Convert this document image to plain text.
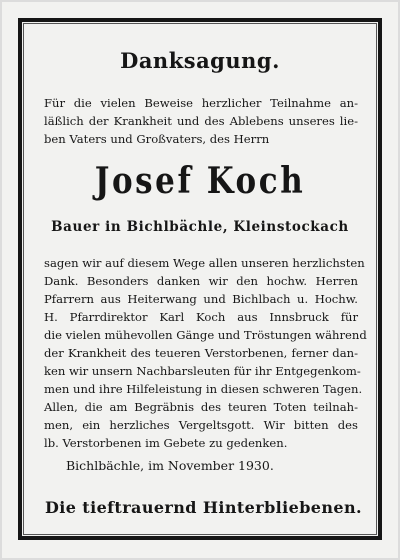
Danksagung.
Für die vielen Beweise herzlicher Teilnahme an-
läßlich der Krankheit und des Ablebens unseres lie-
ben Vaters und Großvaters, des Herrn
Josef Koch
Bauer in Bichlbächle, Kleinstockach
sagen wir auf diesem Wege allen unseren herzlichsten
Dank. Besonders danken wir den hochw. Herren
Pfarrern aus Heiterwang und Bichlbach u. Hochw.
H. Pfarrdirektor Karl Koch aus Innsbruck für
die vielen mühevollen Gänge und Tröstungen während
der Krankheit des teueren Verstorbenen, ferner dan-
ken wir unsern Nachbarsleuten für ihr Entgegenkom-
men und ihre Hilfeleistung in diesen schweren Tagen.
Allen, die am Begräbnis des teuren Toten teilnah-
men, ein herzliches Vergeltsgott. Wir bitten des
lb. Verstorbenen im Gebete zu gedenken.
Bichlbächle, im November 1930.
Die tieftrauernd Hinterbliebenen.
